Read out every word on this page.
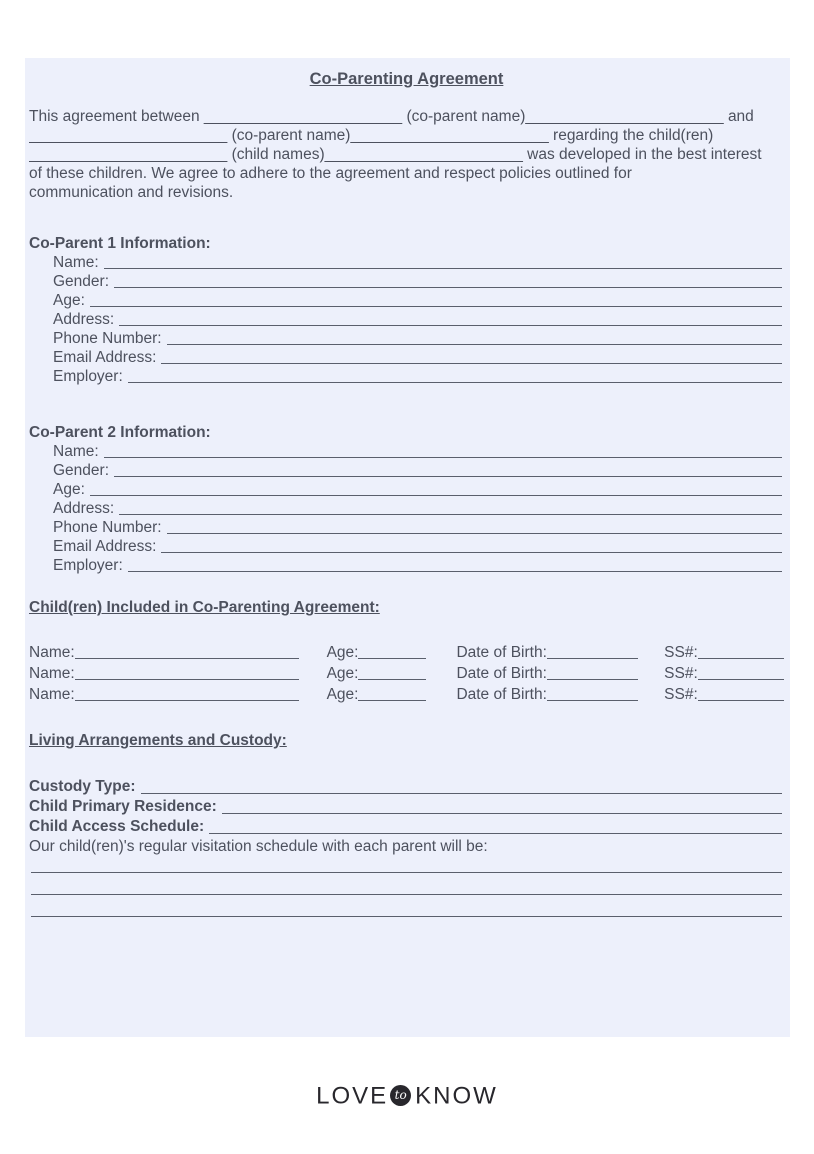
Co-Parenting Agreement
This agreement between _______________________ (co-parent name)_______________________ and
_______________________ (co-parent name)_______________________ regarding the child(ren)
_______________________ (child names)_______________________ was developed in the best interest
of these children. We agree to adhere to the agreement and respect policies outlined for
communication and revisions.
Co-Parent 1 Information:
Name:
Gender:
Age:
Address:
Phone Number:
Email Address:
Employer:
Co-Parent 2 Information:
Name:
Gender:
Age:
Address:
Phone Number:
Email Address:
Employer:
Child(ren) Included in Co-Parenting Agreement:
Name:	Age:	Date of Birth:	SS#:
Name:	Age:	Date of Birth:	SS#:
Name:	Age:	Date of Birth:	SS#:
Living Arrangements and Custody:
Custody Type:
Child Primary Residence:
Child Access Schedule:
Our child(ren)'s regular visitation schedule with each parent will be:
LOVE to KNOW
